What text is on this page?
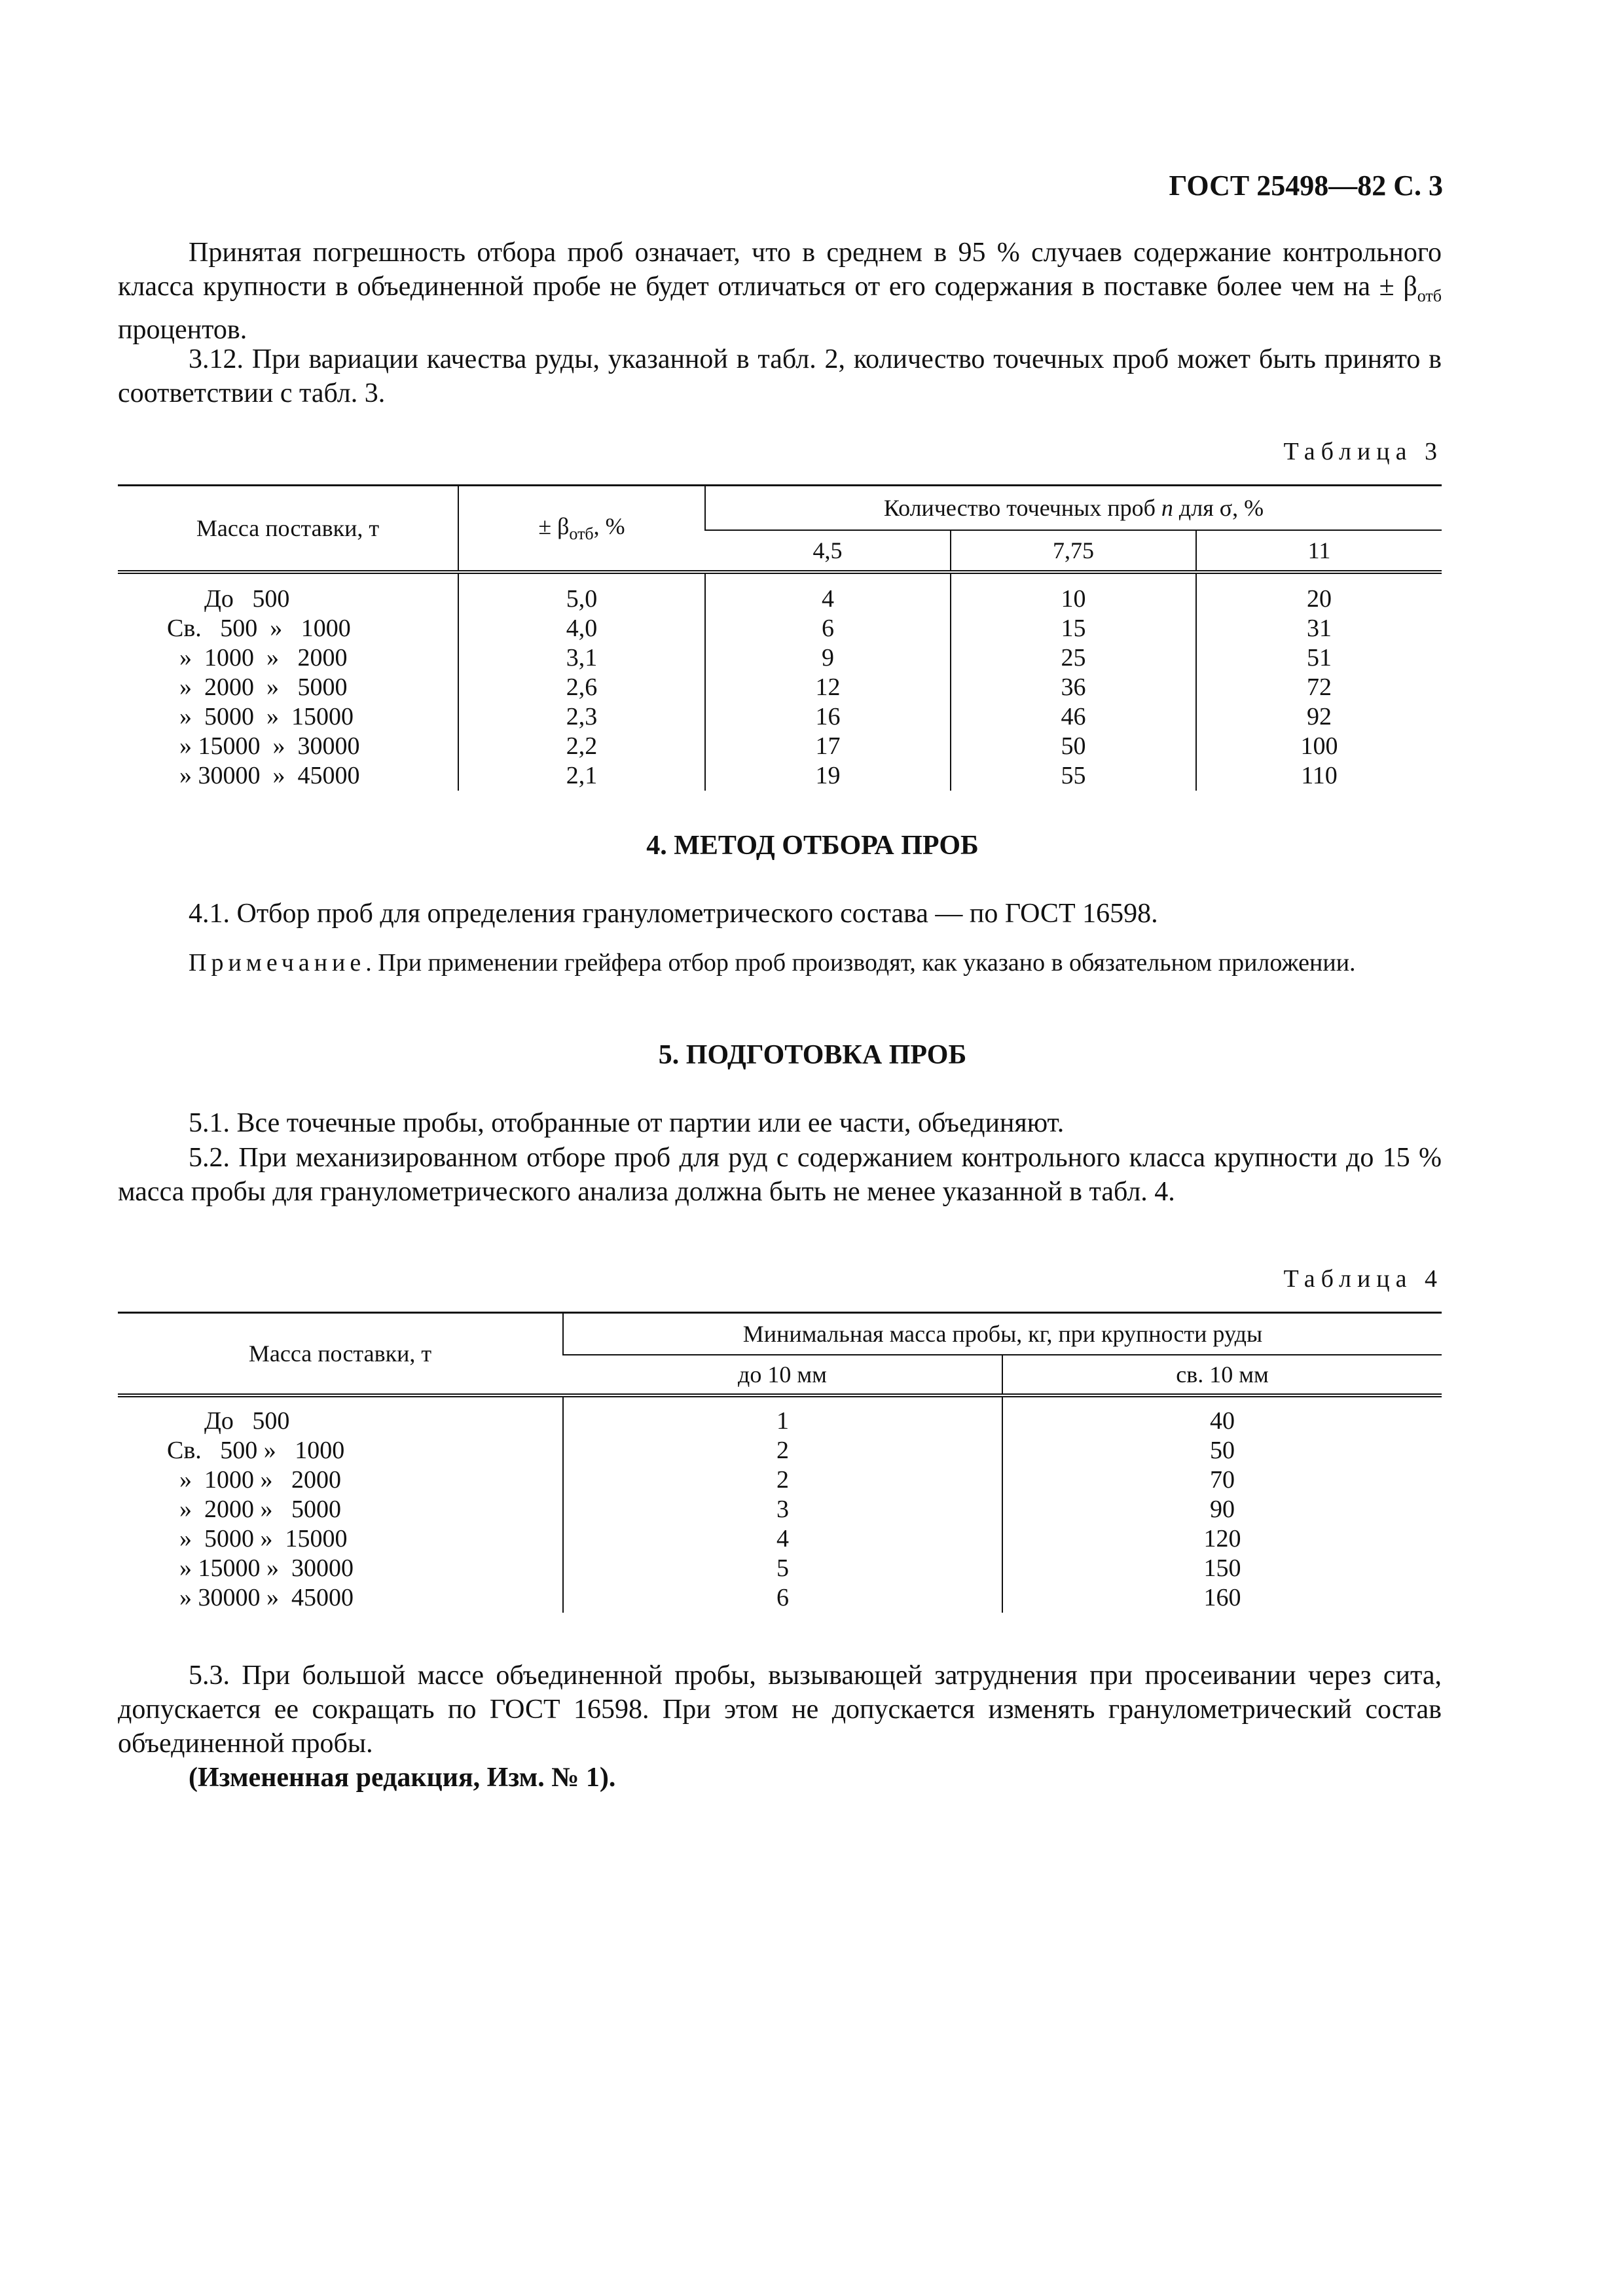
ГОСТ 25498—82 С. 3

Принятая погрешность отбора проб означает, что в среднем в 95 % случаев содержание контрольного класса крупности в объединенной пробе не будет отличаться от его содержания в поставке более чем на ± $\beta_{отб}$ процентов.

3.12. При вариации качества руды, указанной в табл. 2, количество точечных проб может быть принято в соответствии с табл. 3.

Таблица 3
Масса поставки, т	± $\beta_{отб}$, %	Количество точечных проб n для σ, %		
		4,5	7,75	11

До   500	5,0	4	10	20
Св.   500  »   1000	4,0	6	15	31
»  1000  »   2000	3,1	9	25	51
»  2000  »   5000	2,6	12	36	72
»  5000  »  15000	2,3	16	46	92
» 15000  »  30000	2,2	17	50	100
» 30000  »  45000	2,1	19	55	110
4. МЕТОД ОТБОРА ПРОБ

4.1. Отбор проб для определения гранулометрического состава — по ГОСТ 16598.

Примечание. При применении грейфера отбор проб производят, как указано в обязательном приложении.

5. ПОДГОТОВКА ПРОБ

5.1. Все точечные пробы, отобранные от партии или ее части, объединяют.

5.2. При механизированном отборе проб для руд с содержанием контрольного класса крупности до 15 % масса пробы для гранулометрического анализа должна быть не менее указанной в табл. 4.

Таблица 4
Масса поставки, т	Минимальная масса пробы, кг, при крупности руды	
	до 10 мм	св. 10 мм

До   500	1	40
Св.   500 »   1000	2	50
»  1000 »   2000	2	70
»  2000 »   5000	3	90
»  5000 »  15000	4	120
» 15000 »  30000	5	150
» 30000 »  45000	6	160

5.3. При большой массе объединенной пробы, вызывающей затруднения при просеивании через сита, допускается ее сокращать по ГОСТ 16598. При этом не допускается изменять гранулометрический состав объединенной пробы.

(Измененная редакция, Изм. № 1).
